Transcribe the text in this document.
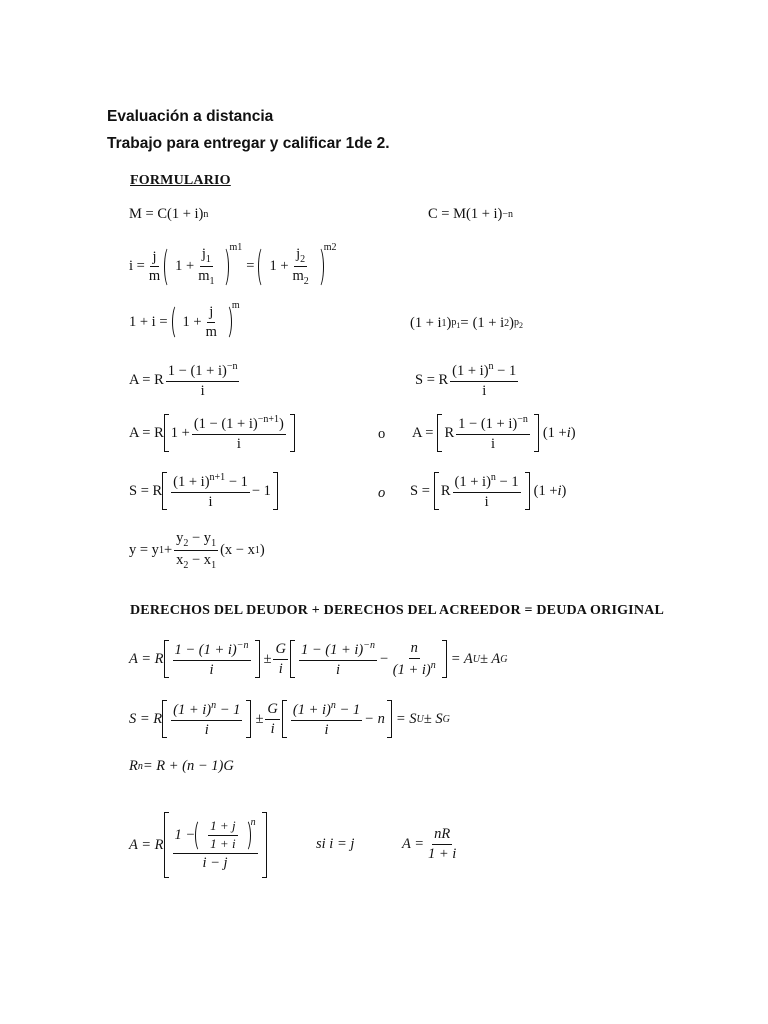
Evaluación a distancia
Trabajo para entregar y calificar 1de 2.
FORMULARIO
M = C(1 + i) n	C = M(1 + i) −n
i =
j
m
1 +
$j_1$
$m_1$
$^{m1}$
=	1 +
$j_2$
$m_2$
$^{m2}$
1 + i =	1 +
j
m
$^m$
(1 + i 1 ) $p_1$ =
(1 + i 2 ) $p_2$
A = R
$1 - (1 + i)^{-n}$
i
S = R
$(1 + i)^n - 1$
i
A = R 1 +
$(1 - (1 + i)^{-n+1})$
i
o A = R
$1 - (1 + i)^{-n}$
i
(1 + i )
S = R
$(1 + i)^{n+1} - 1$
i
− 1	o S = R
$(1 + i)^n - 1$
i
(1 + i )
y = y 1 +
$y_2 - y_1$
$x_2 - x_1$
(x − x 1 )
DERECHOS DEL DEUDOR + DERECHOS DEL ACREEDOR = DEUDA ORIGINAL
A = R
$1 - (1 + i)^{-n}$
i
±
G
i
$1 - (1 + i)^{-n}$
i
−
n
$(1 + i)^n = A$ U ± A G
S = R
$(1 + i)^n - 1$
i
±
G
i
$(1 + i)^n - 1$
i
− n = S U ± S G
R n = R + (n − 1)G
A = R
1 −
1 + j
1 + i
$^n$
i − j
si i = j	A =
nR
1 + i
